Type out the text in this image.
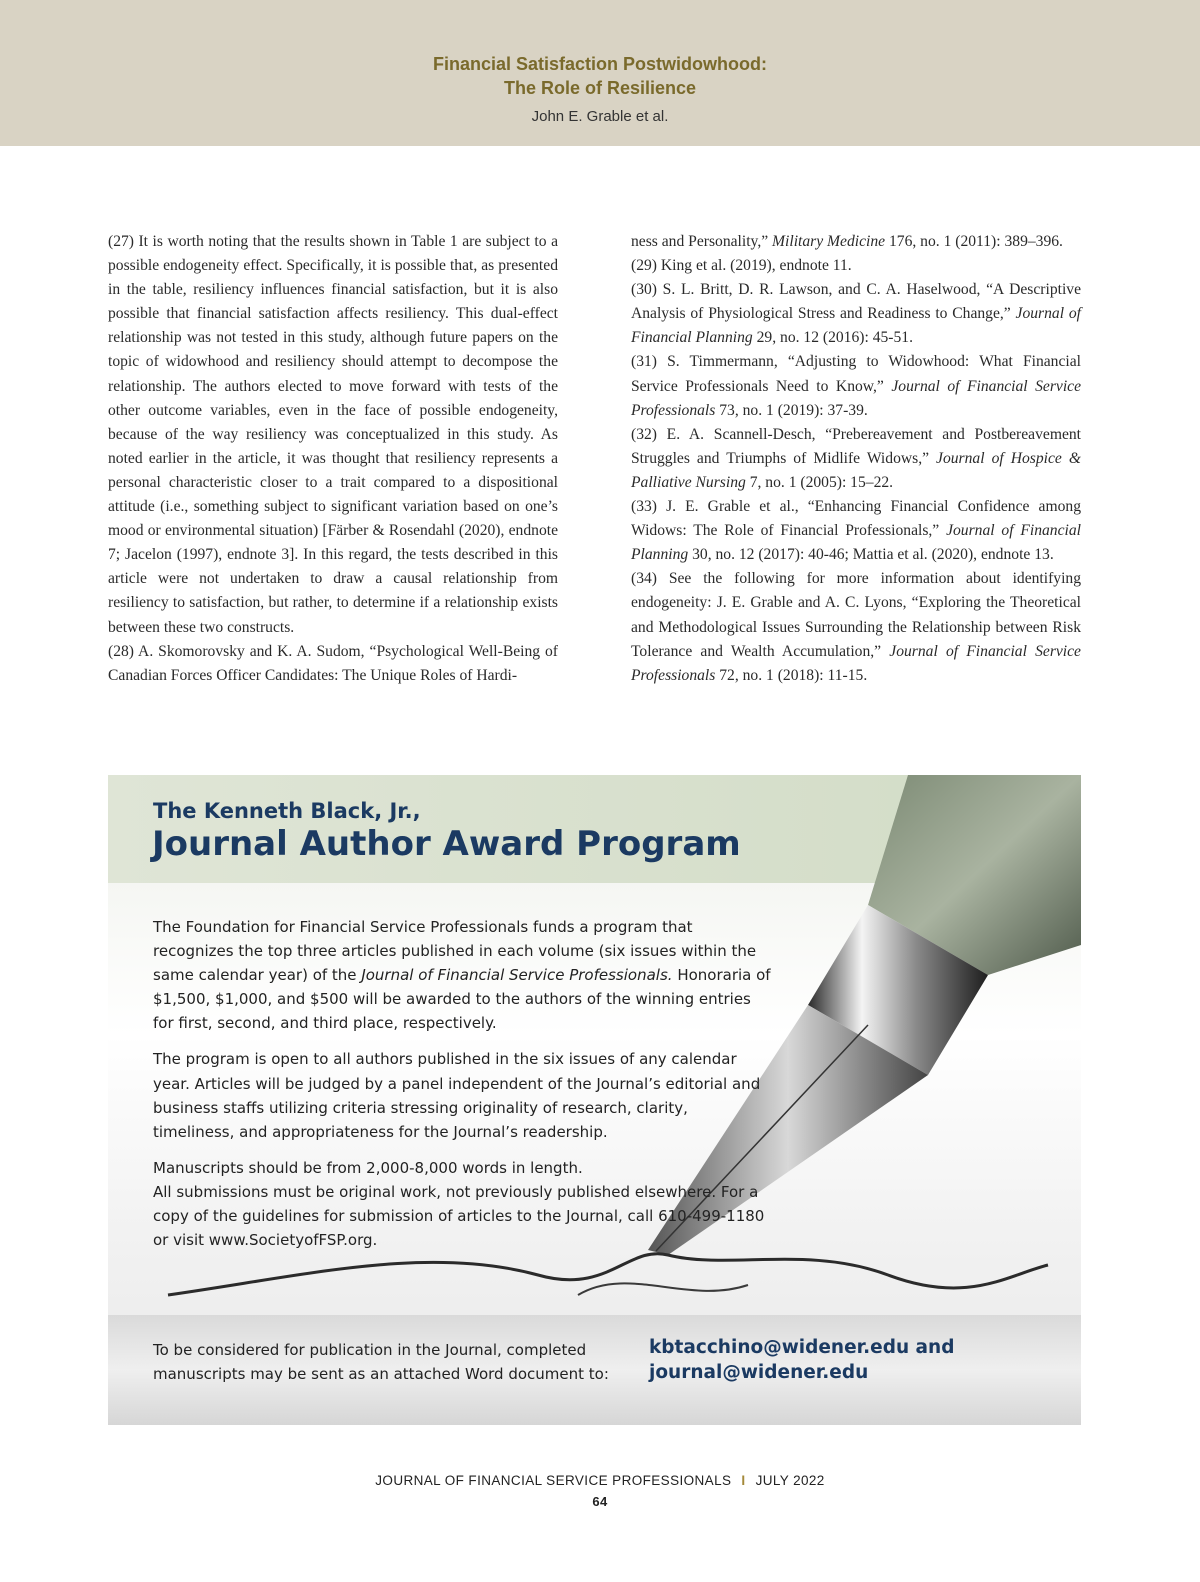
Financial Satisfaction Postwidowhood:
The Role of Resilience
John E. Grable et al.

(27) It is worth noting that the results shown in Table 1 are subject to a possible endogeneity effect. Specifically, it is possible that, as presented in the table, resiliency influences financial satisfaction, but it is also possible that financial satisfaction affects resiliency. This dual-effect relationship was not tested in this study, although future papers on the topic of widowhood and resiliency should attempt to decompose the relationship. The authors elected to move forward with tests of the other outcome variables, even in the face of possible endogeneity, because of the way resiliency was conceptualized in this study. As noted earlier in the article, it was thought that resiliency represents a personal characteristic closer to a trait compared to a dispositional attitude (i.e., something subject to significant variation based on one’s mood or environmental situation) [Färber & Rosendahl (2020), endnote 7; Jacelon (1997), endnote 3]. In this regard, the tests described in this article were not undertaken to draw a causal relationship from resiliency to satisfaction, but rather, to determine if a relationship exists between these two constructs.

(28) A. Skomorovsky and K. A. Sudom, “Psychological Well-Being of Canadian Forces Officer Candidates: The Unique Roles of Hardi-

ness and Personality,” Military Medicine 176, no. 1 (2011): 389–396.

(29) King et al. (2019), endnote 11.

(30) S. L. Britt, D. R. Lawson, and C. A. Haselwood, “A Descriptive Analysis of Physiological Stress and Readiness to Change,” Journal of Financial Planning 29, no. 12 (2016): 45-51.

(31) S. Timmermann, “Adjusting to Widowhood: What Financial Service Professionals Need to Know,” Journal of Financial Service Professionals 73, no. 1 (2019): 37-39.

(32) E. A. Scannell-Desch, “Prebereavement and Postbereavement Struggles and Triumphs of Midlife Widows,” Journal of Hospice & Palliative Nursing 7, no. 1 (2005): 15–22.

(33) J. E. Grable et al., “Enhancing Financial Confidence among Widows: The Role of Financial Professionals,” Journal of Financial Planning 30, no. 12 (2017): 40-46; Mattia et al. (2020), endnote 13.

(34) See the following for more information about identifying endogeneity: J. E. Grable and A. C. Lyons, “Exploring the Theoretical and Methodological Issues Surrounding the Relationship between Risk Tolerance and Wealth Accumulation,” Journal of Financial Service Professionals 72, no. 1 (2018): 11-15.

The Kenneth Black, Jr.,
Journal Author Award Program

The Foundation for Financial Service Professionals funds a program that recognizes the top three articles published in each volume (six issues within the same calendar year) of the Journal of Financial Service Professionals. Honoraria of $1,500, $1,000, and $500 will be awarded to the authors of the winning entries for first, second, and third place, respectively.

The program is open to all authors published in the six issues of any calendar year. Articles will be judged by a panel independent of the Journal’s editorial and business staffs utilizing criteria stressing originality of research, clarity, timeliness, and appropriateness for the Journal’s readership.

Manuscripts should be from 2,000-8,000 words in length.
All submissions must be original work, not previously published elsewhere. For a copy of the guidelines for submission of articles to the Journal, call 610-499-1180 or visit www.SocietyofFSP.org.

To be considered for publication in the Journal, completed manuscripts may be sent as an attached Word document to:
kbtacchino@widener.edu and
journal@widener.edu
JOURNAL OF FINANCIAL SERVICE PROFESSIONALS I JULY 2022
64
